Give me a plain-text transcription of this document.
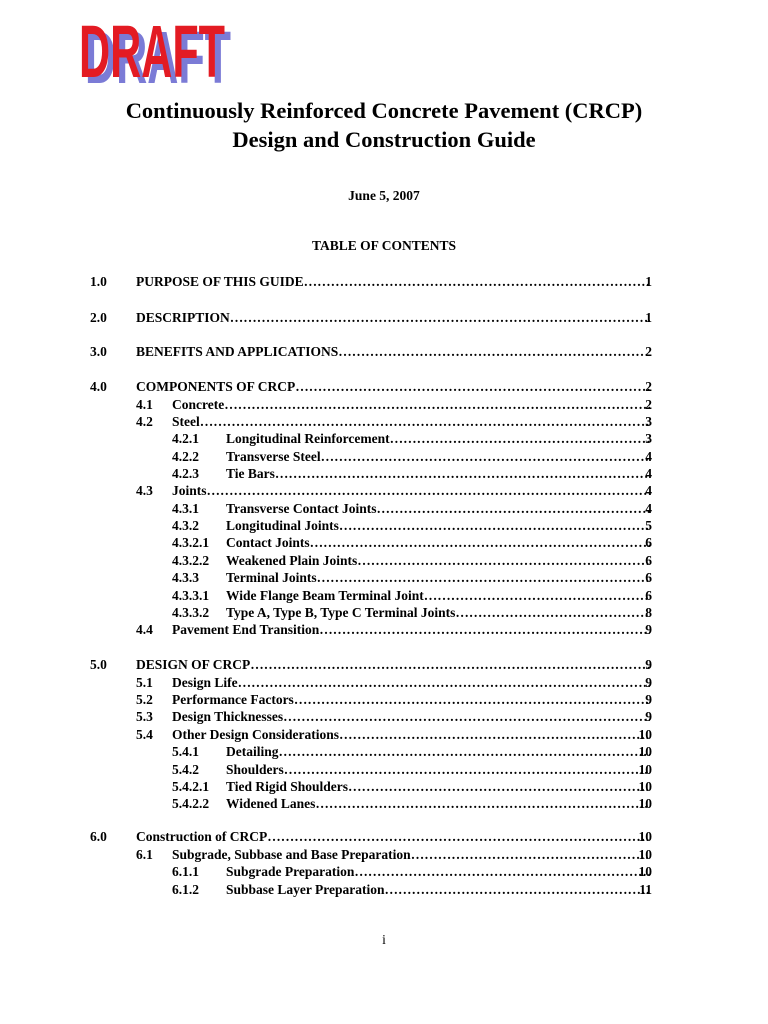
DRAFT
DRAFT
Continuously Reinforced Concrete Pavement (CRCP)
Design and Construction Guide
June 5, 2007
TABLE OF CONTENTS
1.0 PURPOSE OF THIS GUIDE ………………………………………………………………………………………………………………………………………………………………………………………………………………………………………………	1
2.0 DESCRIPTION ………………………………………………………………………………………………………………………………………………………………………………………………………………………………………………	1
3.0 BENEFITS AND APPLICATIONS ………………………………………………………………………………………………………………………………………………………………………………………………………………………………………………	2
4.0 COMPONENTS OF CRCP ………………………………………………………………………………………………………………………………………………………………………………………………………………………………………………	2
4.1 Concrete ………………………………………………………………………………………………………………………………………………………………………………………………………………………………………………	2
4.2 Steel ………………………………………………………………………………………………………………………………………………………………………………………………………………………………………………	3
4.2.1 Longitudinal Reinforcement ………………………………………………………………………………………………………………………………………………………………………………………………………………………………………………	3
4.2.2 Transverse Steel ………………………………………………………………………………………………………………………………………………………………………………………………………………………………………………	4
4.2.3 Tie Bars ………………………………………………………………………………………………………………………………………………………………………………………………………………………………………………	4
4.3 Joints ………………………………………………………………………………………………………………………………………………………………………………………………………………………………………………	4
4.3.1 Transverse Contact Joints ………………………………………………………………………………………………………………………………………………………………………………………………………………………………………………	4
4.3.2 Longitudinal Joints ………………………………………………………………………………………………………………………………………………………………………………………………………………………………………………	5
4.3.2.1 Contact Joints ………………………………………………………………………………………………………………………………………………………………………………………………………………………………………………	6
4.3.2.2 Weakened Plain Joints ………………………………………………………………………………………………………………………………………………………………………………………………………………………………………………	6
4.3.3 Terminal Joints ………………………………………………………………………………………………………………………………………………………………………………………………………………………………………………	6
4.3.3.1 Wide Flange Beam Terminal Joint ………………………………………………………………………………………………………………………………………………………………………………………………………………………………………………	6
4.3.3.2 Type A, Type B, Type C Terminal Joints ………………………………………………………………………………………………………………………………………………………………………………………………………………………………………………	8
4.4 Pavement End Transition ………………………………………………………………………………………………………………………………………………………………………………………………………………………………………………	9
5.0 DESIGN OF CRCP ………………………………………………………………………………………………………………………………………………………………………………………………………………………………………………	9
5.1 Design Life ………………………………………………………………………………………………………………………………………………………………………………………………………………………………………………	9
5.2 Performance Factors ………………………………………………………………………………………………………………………………………………………………………………………………………………………………………………	9
5.3 Design Thicknesses ………………………………………………………………………………………………………………………………………………………………………………………………………………………………………………	9
5.4 Other Design Considerations ………………………………………………………………………………………………………………………………………………………………………………………………………………………………………………	10
5.4.1 Detailing ………………………………………………………………………………………………………………………………………………………………………………………………………………………………………………	10
5.4.2 Shoulders ………………………………………………………………………………………………………………………………………………………………………………………………………………………………………………	10
5.4.2.1 Tied Rigid Shoulders ………………………………………………………………………………………………………………………………………………………………………………………………………………………………………………	10
5.4.2.2 Widened Lanes ………………………………………………………………………………………………………………………………………………………………………………………………………………………………………………	10
6.0 Construction of CRCP ………………………………………………………………………………………………………………………………………………………………………………………………………………………………………………	10
6.1 Subgrade, Subbase and Base Preparation ………………………………………………………………………………………………………………………………………………………………………………………………………………………………………………	10
6.1.1 Subgrade Preparation ………………………………………………………………………………………………………………………………………………………………………………………………………………………………………………	10
6.1.2 Subbase Layer Preparation ………………………………………………………………………………………………………………………………………………………………………………………………………………………………………………	11
i
